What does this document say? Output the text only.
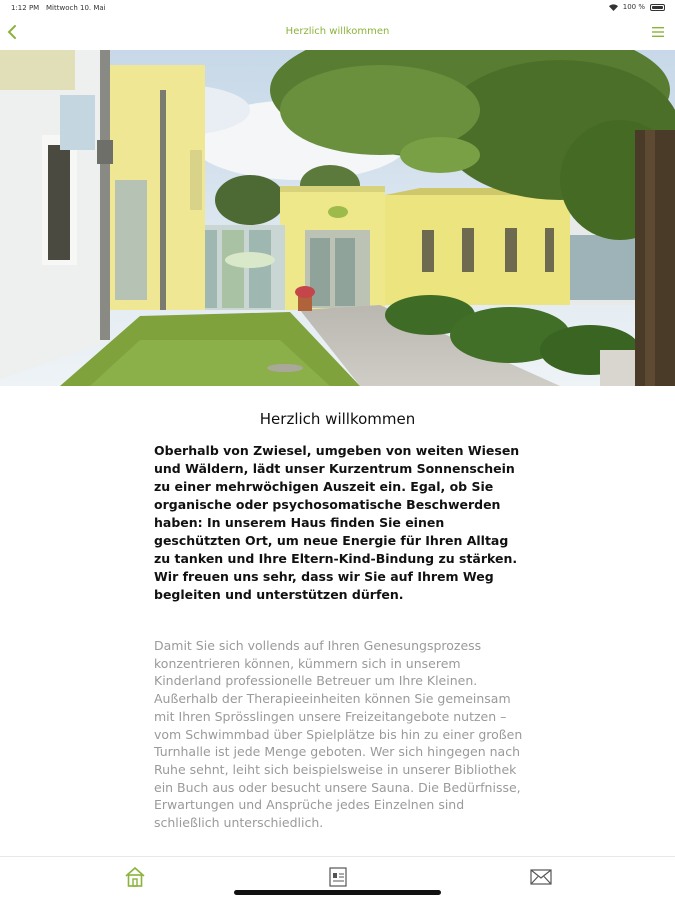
1:12 PM Mittwoch 10. Mai	100 %
Herzlich willkommen
Herzlich willkommen

Oberhalb von Zwiesel, umgeben von weiten Wiesen und Wäldern, lädt unser Kurzentrum Sonnenschein zu einer mehrwöchigen Auszeit ein. Egal, ob Sie organische oder psychosomatische Beschwerden haben: In unserem Haus finden Sie einen geschützten Ort, um neue Energie für Ihren Alltag zu tanken und Ihre Eltern-Kind-Bindung zu stärken. Wir freuen uns sehr, dass wir Sie auf Ihrem Weg begleiten und unterstützen dürfen.

Damit Sie sich vollends auf Ihren Genesungsprozess konzentrieren können, kümmern sich in unserem Kinderland professionelle Betreuer um Ihre Kleinen. Außerhalb der Therapieeinheiten können Sie gemeinsam mit Ihren Sprösslingen unsere Freizeitangebote nutzen – vom Schwimmbad über Spielplätze bis hin zu einer großen Turnhalle ist jede Menge geboten. Wer sich hingegen nach Ruhe sehnt, leiht sich beispielsweise in unserer Bibliothek ein Buch aus oder besucht unsere Sauna. Die Bedürfnisse, Erwartungen und Ansprüche jedes Einzelnen sind schließlich unterschiedlich.
